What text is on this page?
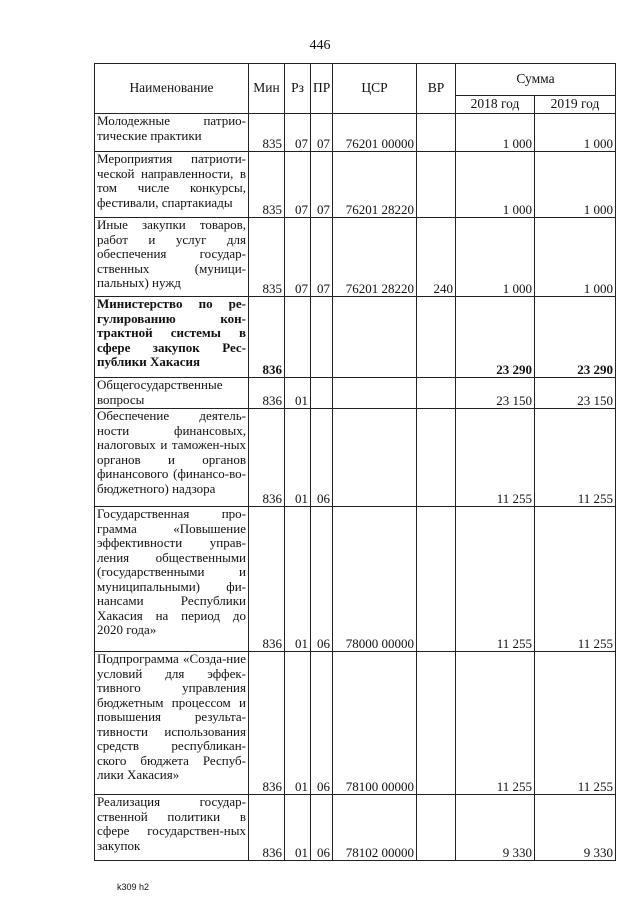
446
Наименование	Мин	Рз	ПР	ЦСР	ВР	Сумма	
						2018 год	2019 год
Молодежные патрио-тические практики	835	07	07	76201 00000		1 000	1 000
Мероприятия патриоти-ческой направленности, в том числе конкурсы, фестивали, спартакиады	835	07	07	76201 28220		1 000	1 000
Иные закупки товаров, работ и услуг для обеспечения государ-ственных (муници-пальных) нужд	835	07	07	76201 28220	240	1 000	1 000
Министерство по ре-гулированию кон-трактной системы в сфере закупок Рес-публики Хакасия	836					23 290	23 290
Общегосударственные вопросы	836	01				23 150	23 150
Обеспечение деятель-ности финансовых, налоговых и таможен-ных органов и органов финансового (финансо-во-бюджетного) надзора	836	01	06			11 255	11 255
Государственная про-грамма «Повышение эффективности управ-ления общественными (государственными и муниципальными) фи-нансами Республики Хакасия на период до 2020 года»	836	01	06	78000 00000		11 255	11 255
Подпрограмма «Созда-ние условий для эффек-тивного управления бюджетным процессом и повышения результа-тивности использования средств республикан-ского бюджета Респуб-лики Хакасия»	836	01	06	78100 00000		11 255	11 255
Реализация государ-ственной политики в сфере государствен-ных закупок	836	01	06	78102 00000		9 330	9 330
k309 h2
